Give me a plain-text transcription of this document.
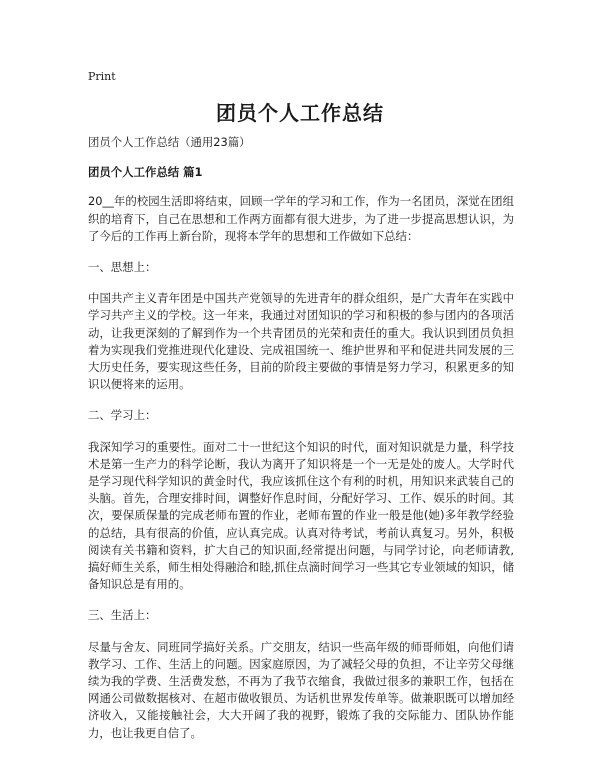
Print
团员个人工作总结

团员个人工作总结（通用23篇）

团员个人工作总结 篇1

20__年的校园生活即将结束，回顾一学年的学习和工作，作为一名团员，深觉在团组织的培育下，自己在思想和工作两方面都有很大进步，为了进一步提高思想认识，为了今后的工作再上新台阶，现将本学年的思想和工作做如下总结：

一、思想上：

中国共产主义青年团是中国共产党领导的先进青年的群众组织，是广大青年在实践中学习共产主义的学校。这一年来，我通过对团知识的学习和积极的参与团内的各项活动，让我更深刻的了解到作为一个共青团员的光荣和责任的重大。我认识到团员负担着为实现我们党推进现代化建设、完成祖国统一、维护世界和平和促进共同发展的三大历史任务，要实现这些任务，目前的阶段主要做的事情是努力学习，积累更多的知识以便将来的运用。

二、学习上：

我深知学习的重要性。面对二十一世纪这个知识的时代，面对知识就是力量，科学技术是第一生产力的科学论断，我认为离开了知识将是一个一无是处的废人。大学时代是学习现代科学知识的黄金时代，我应该抓住这个有利的时机，用知识来武装自己的头脑。首先，合理安排时间，调整好作息时间，分配好学习、工作、娱乐的时间。其次，要保质保量的完成老师布置的作业，老师布置的作业一般是他(她)多年教学经验的总结，具有很高的价值，应认真完成。认真对待考试，考前认真复习。另外，积极阅读有关书籍和资料，扩大自己的知识面,经常提出问题，与同学讨论，向老师请教,搞好师生关系，师生相处得融洽和睦,抓住点滴时间学习一些其它专业领域的知识，储备知识总是有用的。

三、生活上：

尽量与舍友、同班同学搞好关系。广交朋友，结识一些高年级的师哥师姐，向他们请教学习、工作、生活上的问题。因家庭原因，为了减轻父母的负担，不让辛劳父母继续为我的学费、生活费发愁，不再为了我节衣缩食，我做过很多的兼职工作，包括在网通公司做数据核对、在超市做收银员、为话机世界发传单等。做兼职既可以增加经济收入，又能接触社会，大大开阔了我的视野，锻炼了我的交际能力、团队协作能力，也让我更自信了。
